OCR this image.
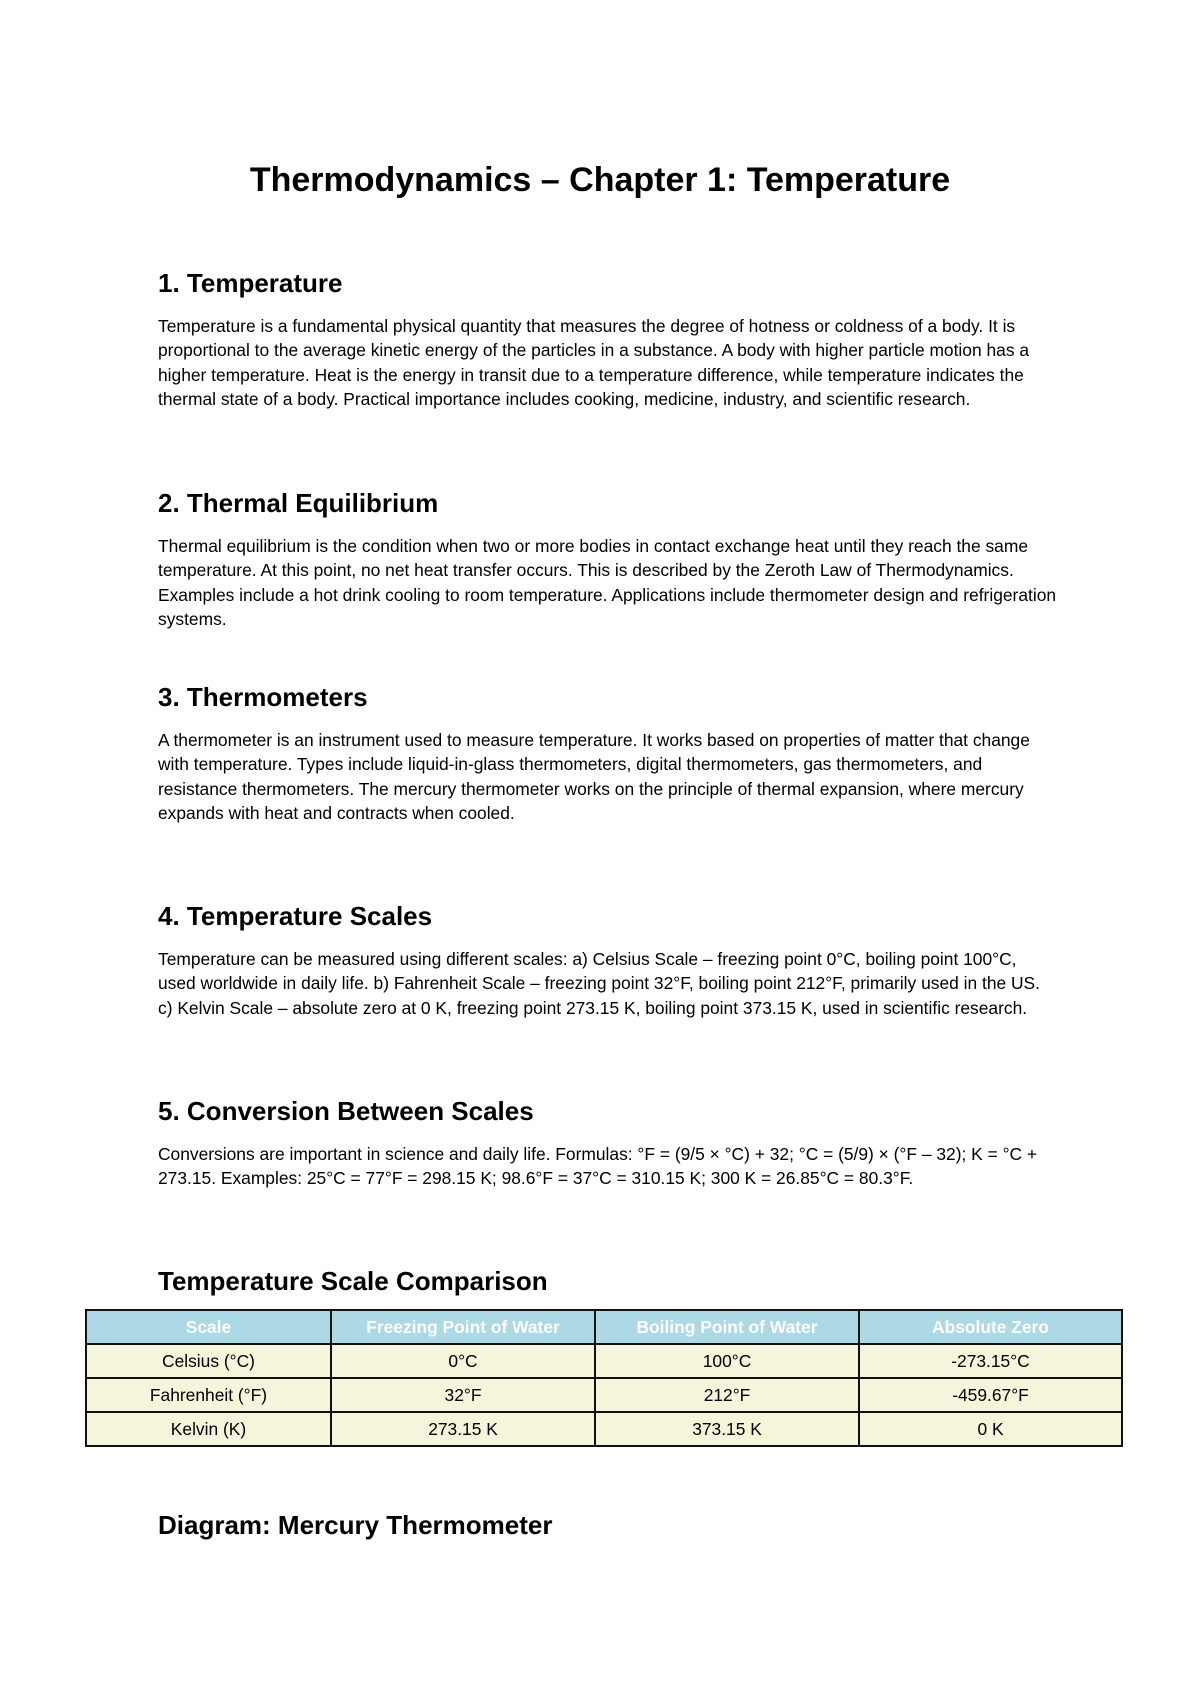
Thermodynamics – Chapter 1: Temperature
1. Temperature

Temperature is a fundamental physical quantity that measures the degree of hotness or coldness of a body. It is proportional to the average kinetic energy of the particles in a substance. A body with higher particle motion has a higher temperature. Heat is the energy in transit due to a temperature difference, while temperature indicates the thermal state of a body. Practical importance includes cooking, medicine, industry, and scientific research.

2. Thermal Equilibrium

Thermal equilibrium is the condition when two or more bodies in contact exchange heat until they reach the same temperature. At this point, no net heat transfer occurs. This is described by the Zeroth Law of Thermodynamics. Examples include a hot drink cooling to room temperature. Applications include thermometer design and refrigeration systems.

3. Thermometers

A thermometer is an instrument used to measure temperature. It works based on properties of matter that change with temperature. Types include liquid-in-glass thermometers, digital thermometers, gas thermometers, and resistance thermometers. The mercury thermometer works on the principle of thermal expansion, where mercury expands with heat and contracts when cooled.

4. Temperature Scales

Temperature can be measured using different scales: a) Celsius Scale – freezing point 0°C, boiling point 100°C, used worldwide in daily life. b) Fahrenheit Scale – freezing point 32°F, boiling point 212°F, primarily used in the US. c) Kelvin Scale – absolute zero at 0 K, freezing point 273.15 K, boiling point 373.15 K, used in scientific research.

5. Conversion Between Scales

Conversions are important in science and daily life. Formulas: °F = (9/5 × °C) + 32; °C = (5/9) × (°F – 32); K = °C + 273.15. Examples: 25°C = 77°F = 298.15 K; 98.6°F = 37°C = 310.15 K; 300 K = 26.85°C = 80.3°F.

Temperature Scale Comparison
Scale	Freezing Point of Water	Boiling Point of Water	Absolute Zero
Celsius (°C)	0°C	100°C	-273.15°C
Fahrenheit (°F)	32°F	212°F	-459.67°F
Kelvin (K)	273.15 K	373.15 K	0 K
Diagram: Mercury Thermometer
